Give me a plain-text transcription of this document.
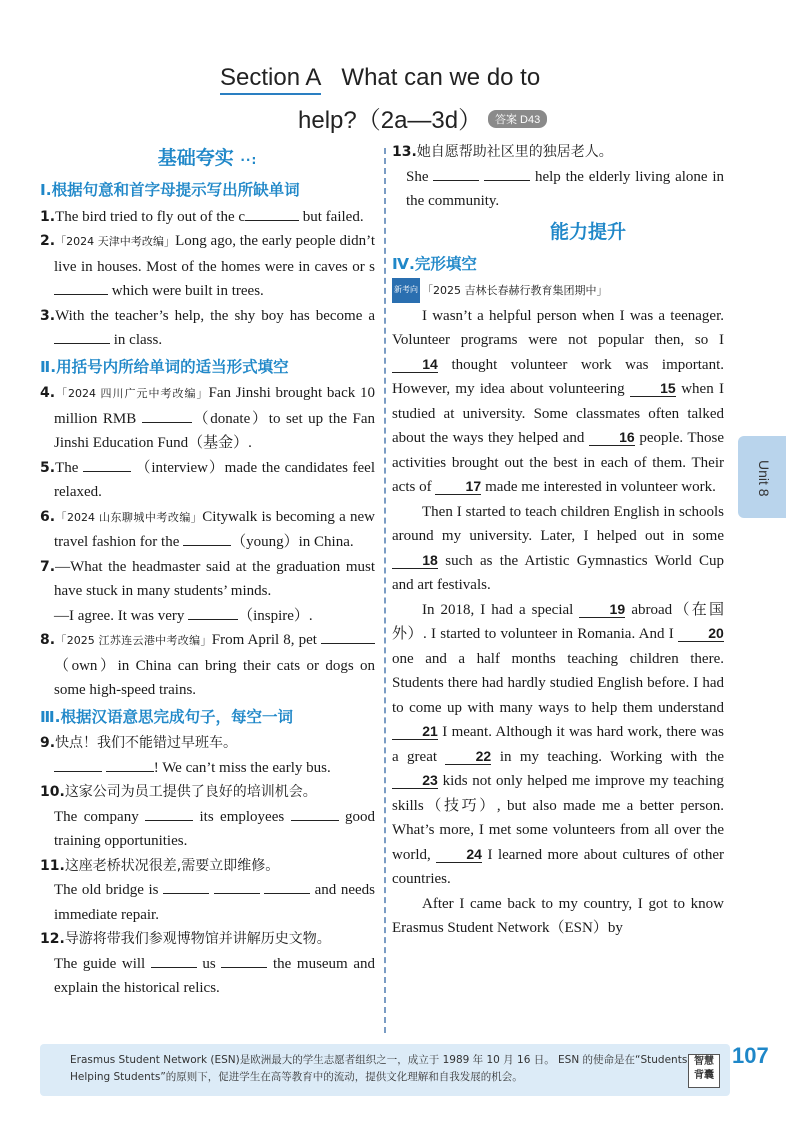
Section A What can we do to
help?（2a—3d）	答案 D43
基础夸实 ··:
Ⅰ.根据句意和首字母提示写出所缺单词

1.The bird tried to fly out of the c	but failed.

2.「2024 天津中考改编」Long ago, the early people didn’t live in houses. Most of the homes were in caves or s which were built in trees.

3.With the teacher’s help, the shy boy has become a in class.

Ⅱ.用括号内所给单词的适当形式填空

4.「2024 四川广元中考改编」Fan Jinshi brought back 10 million RMB	（donate）to set up the Fan Jinshi Education Fund（基金）.

5.The	（interview）made the candidates feel relaxed.

6.「2024 山东聊城中考改编」Citywalk is becoming a new travel fashion for the	（young）in China.

7.—What the headmaster said at the graduation must have stuck in many students’ minds.

—I agree. It was very	（inspire）.

8.「2025 江苏连云港中考改编」From April 8, pet （own）in China can bring their cats or dogs on some high-speed trains.

Ⅲ.根据汉语意思完成句子，每空一词

9.快点！我们不能错过早班车。

! We can’t miss the early bus.

10.这家公司为员工提供了良好的培训机会。

The company	its employees	good training opportunities.

11.这座老桥状况很差,需要立即维修。

The old bridge is	and needs immediate repair.

12.导游将带我们参观博物馆并讲解历史文物。

The guide will	us	the museum and explain the historical relics.

13.她自愿帮助社区里的独居老人。

She	help the elderly living alone in the community.

能力提升
Ⅳ.完形填空
新考向 「2025 吉林长春赫行教育集团期中」

I wasn’t a helpful person when I was a teenager. Volunteer programs were not popular then, so I 14 thought volunteer work was important. However, my idea about volunteering 15 when I studied at university. Some classmates often talked about the ways they helped and 16 people. Those activities brought out the best in each of them. Their acts of 17 made me interested in volunteer work.

Then I started to teach children English in schools around my university. Later, I helped out in some 18 such as the Artistic Gymnastics World Cup and art festivals.

In 2018, I had a special 19 abroad（在国外）. I started to volunteer in Romania. And I 20 one and a half months teaching children there. Students there had hardly studied English before. I had to come up with many ways to help them understand 21 I meant. Although it was hard work, there was a great 22 in my teaching. Working with the 23 kids not only helped me improve my teaching skills（技巧）, but also made me a better person. What’s more, I met some volunteers from all over the world, 24 I learned more about cultures of other countries.

After I came back to my country, I got to know Erasmus Student Network（ESN）by

Unit 8

Erasmus Student Network (ESN)是欧洲最大的学生志愿者组织之一，成立于 1989 年 10 月 16 日。 ESN 的使命是在“Students Helping Students”的原则下，促进学生在高等教育中的流动，提供文化理解和自我发展的机会。

智慧
背囊
107
